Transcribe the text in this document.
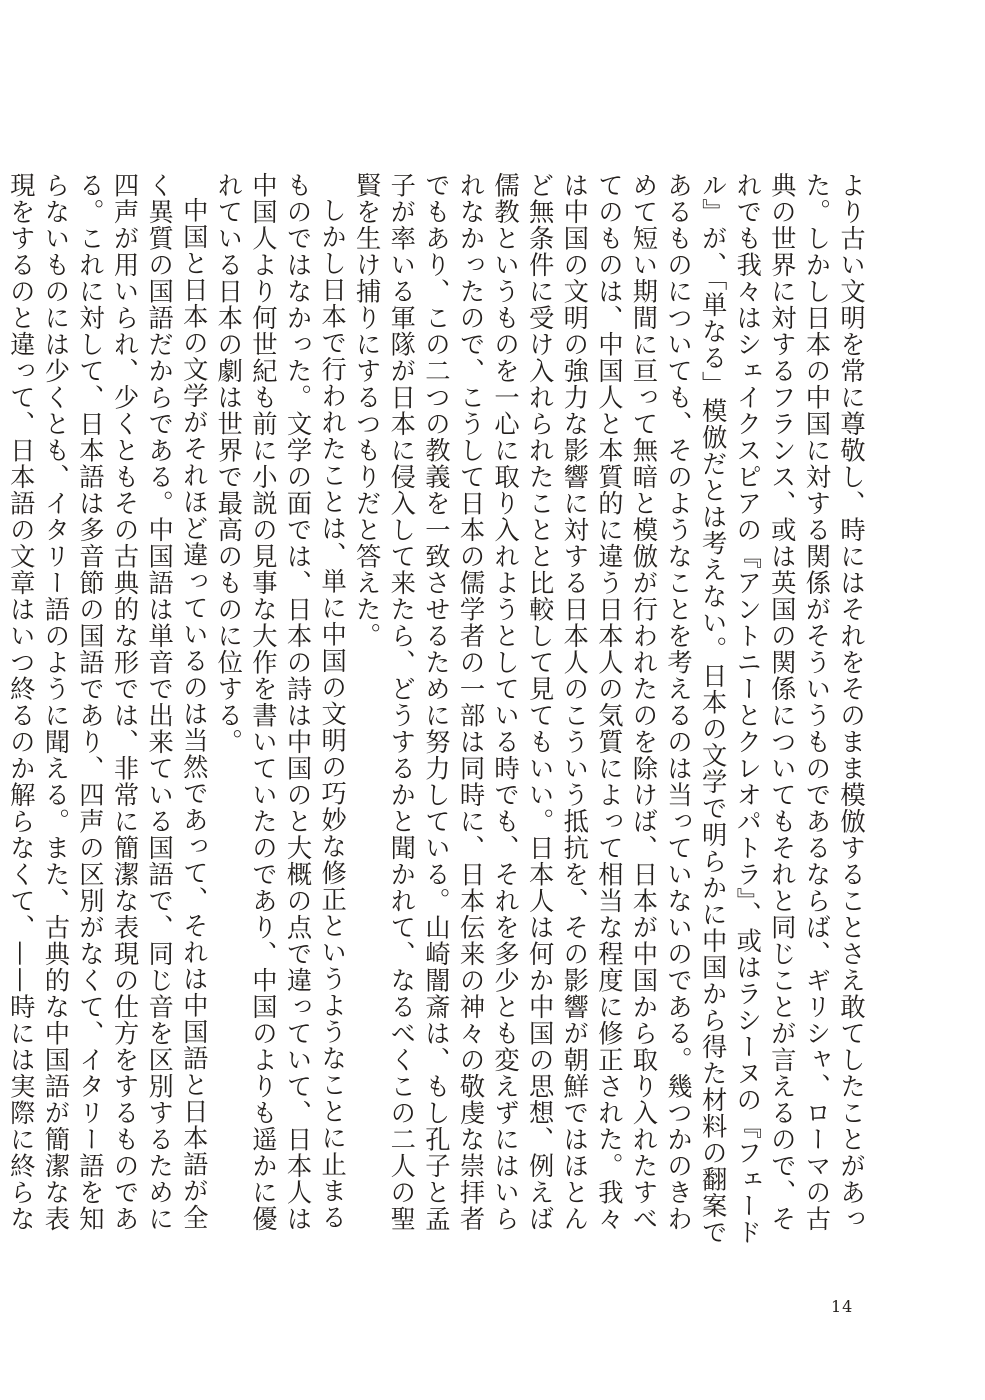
より古い文明を常に尊敬し、時にはそれをそのまま模倣することさえ敢てしたことがあった。しかし日本の中国に対する関係がそういうものであるならば、ギリシャ、ローマの古典の世界に対するフランス、或は英国の関係についてもそれと同じことが言えるので、それでも我々はシェイクスピアの『アントニーとクレオパトラ』、或はラシーヌの『フェードル』が、「単なる」模倣だとは考えない。日本の文学で明らかに中国から得た材料の翻案であるものについても、そのようなことを考えるのは当っていないのである。幾つかのきわめて短い期間に亘って無暗と模倣が行われたのを除けば、日本が中国から取り入れたすべてのものは、中国人と本質的に違う日本人の気質によって相当な程度に修正された。我々は中国の文明の強力な影響に対する日本人のこういう抵抗を、その影響が朝鮮ではほとんど無条件に受け入れられたことと比較して見てもいい。日本人は何か中国の思想、例えば儒教というものを一心に取り入れようとしている時でも、それを多少とも変えずにはいられなかったので、こうして日本の儒学者の一部は同時に、日本伝来の神々の敬虔な崇拝者でもあり、この二つの教義を一致させるために努力している。山崎闇斎は、もし孔子と孟子が率いる軍隊が日本に侵入して来たら、どうするかと聞かれて、なるべくこの二人の聖賢を生け捕りにするつもりだと答えた。

しかし日本で行われたことは、単に中国の文明の巧妙な修正というようなことに止まるものではなかった。文学の面では、日本の詩は中国のと大概の点で違っていて、日本人は中国人より何世紀も前に小説の見事な大作を書いていたのであり、中国のよりも遥かに優れている日本の劇は世界で最高のものに位する。

中国と日本の文学がそれほど違っているのは当然であって、それは中国語と日本語が全く異質の国語だからである。中国語は単音で出来ている国語で、同じ音を区別するために四声が用いられ、少くともその古典的な形では、非常に簡潔な表現の仕方をするものである。これに対して、日本語は多音節の国語であり、四声の区別がなくて、イタリー語を知らないものには少くとも、イタリー語のように聞える。また、古典的な中国語が簡潔な表現をするのと違って、日本語の文章はいつ終るのか解らなくて、——時には実際に終らな

14
